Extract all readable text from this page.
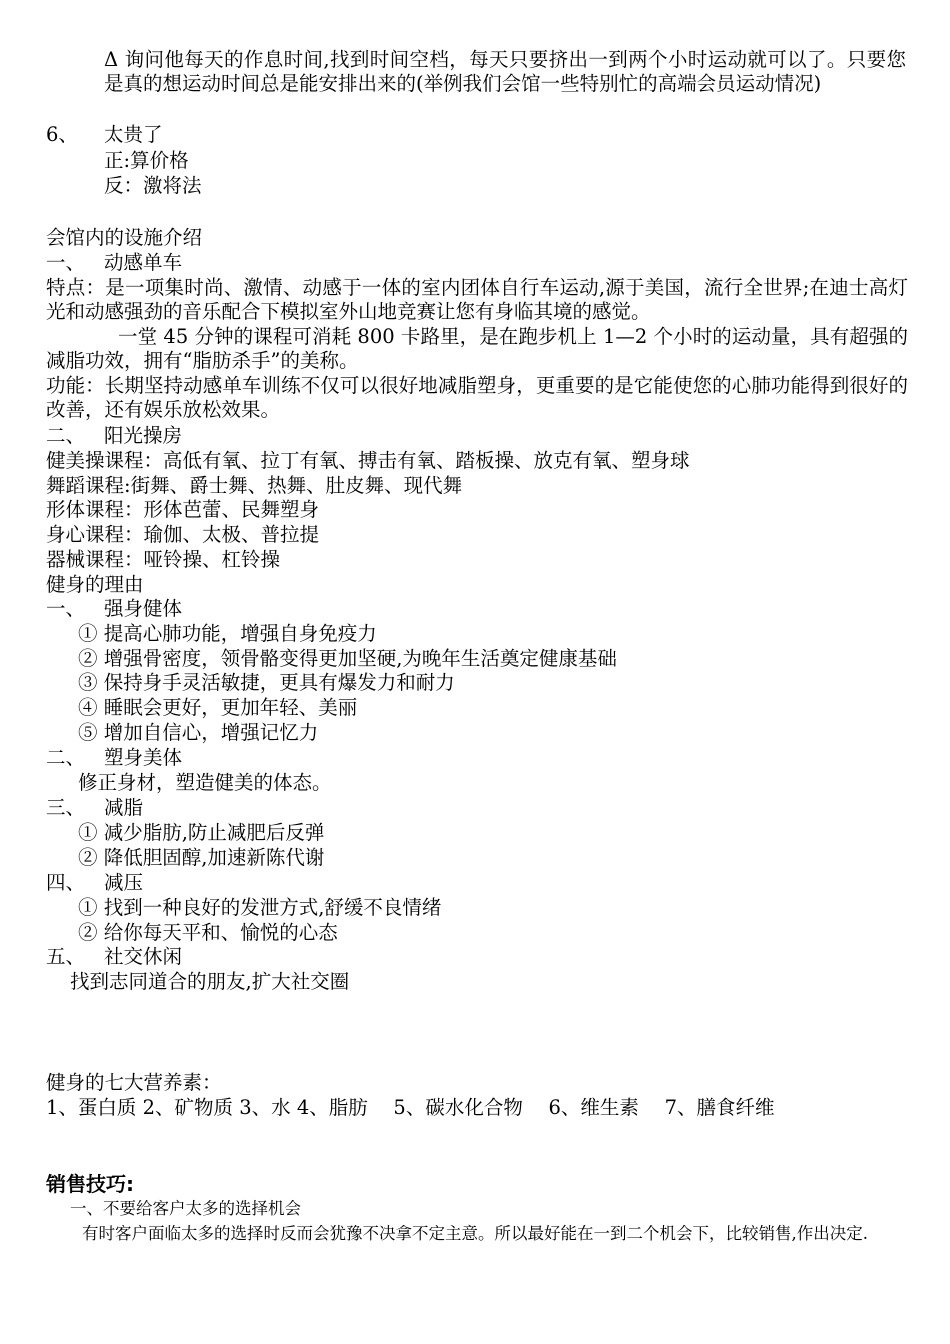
Δ 询问他每天的作息时间,找到时间空档，每天只要挤出一到两个小时运动就可以了。只要您是真的想运动时间总是能安排出来的(举例我们会馆一些特别忙的高端会员运动情况)
6、 太贵了
正:算价格
反：激将法
会馆内的设施介绍
一、 动感单车
特点：是一项集时尚、激情、动感于一体的室内团体自行车运动,源于美国，流行全世界;在迪士高灯光和动感强劲的音乐配合下模拟室外山地竞赛让您有身临其境的感觉。
一堂 45 分钟的课程可消耗 800 卡路里，是在跑步机上 1—2 个小时的运动量，具有超强的减脂功效，拥有“脂肪杀手”的美称。
功能：长期坚持动感单车训练不仅可以很好地减脂塑身，更重要的是它能使您的心肺功能得到很好的改善，还有娱乐放松效果。
二、 阳光操房
健美操课程：高低有氧、拉丁有氧、搏击有氧、踏板操、放克有氧、塑身球
舞蹈课程:街舞、爵士舞、热舞、肚皮舞、现代舞
形体课程：形体芭蕾、民舞塑身
身心课程：瑜伽、太极、普拉提
器械课程：哑铃操、杠铃操
健身的理由
一、 强身健体
① 提高心肺功能，增强自身免疫力
② 增强骨密度，领骨骼变得更加坚硬,为晚年生活奠定健康基础
③ 保持身手灵活敏捷，更具有爆发力和耐力
④ 睡眠会更好，更加年轻、美丽
⑤ 增加自信心，增强记忆力
二、 塑身美体
修正身材，塑造健美的体态。
三、 减脂
① 减少脂肪,防止减肥后反弹
② 降低胆固醇,加速新陈代谢
四、 减压
① 找到一种良好的发泄方式,舒缓不良情绪
② 给你每天平和、愉悦的心态
五、 社交休闲
找到志同道合的朋友,扩大社交圈
健身的七大营养素：
1、蛋白质 2、矿物质 3、水 4、脂肪　 5、碳水化合物　 6、维生素　 7、膳食纤维
销售技巧:
一、不要给客户太多的选择机会
有时客户面临太多的选择时反而会犹豫不决拿不定主意。所以最好能在一到二个机会下，比较销售,作出决定.
